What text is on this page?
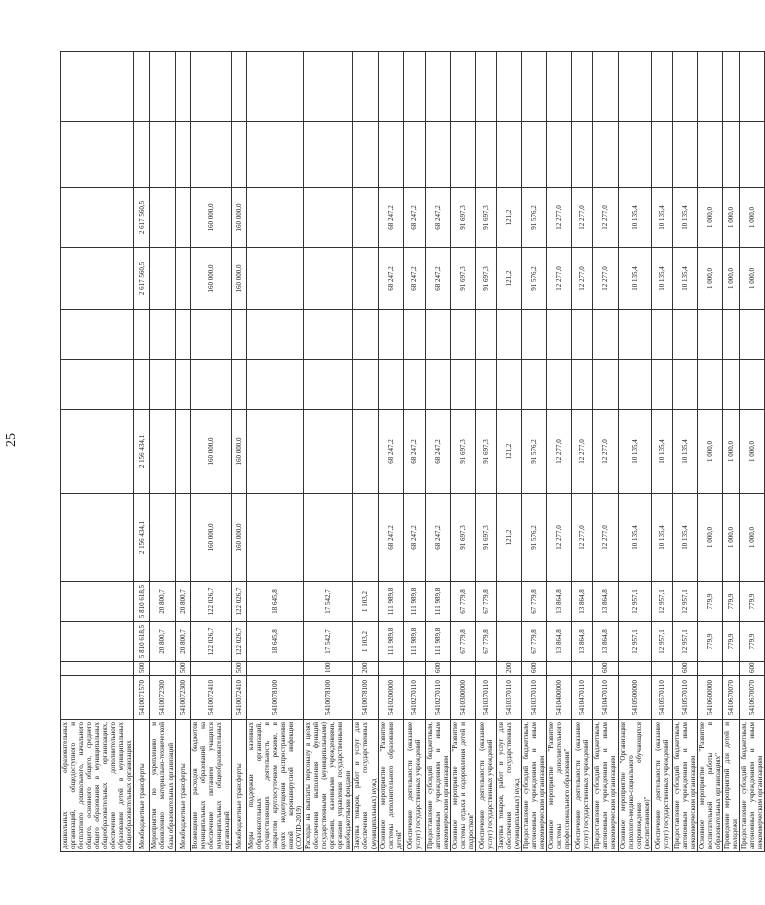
25
дошкольных образовательных организаций, общедоступного и бесплатного дошкольного, начального общего, основного общего, среднего общего образования в муниципальных общеобразовательных организациях, обеспечение дополнительного образования детей в муниципальных общеобразовательных организациях												
Межбюджетные трансферты	5410071570	500	5 810 618,5	5 810 618,5	2 156 434,1	2 156 434,1			2 617 560,5	2 617 560,5		
Мероприятия по укреплению и обновлению материально-технической базы образовательных организаций	5410072300		20 800,7	20 800,7								
Межбюджетные трансферты	5410072300	500	20 800,7	20 800,7								
Возмещение расходов бюджетов муниципальных образований на обеспечение питанием учащихся муниципальных общеобразовательных организаций	5410072410		122 026,7	122 026,7	160 000,0	160 000,0			160 000,0	160 000,0		
Межбюджетные трансферты	5410072410	500	122 026,7	122 026,7	160 000,0	160 000,0			160 000,0	160 000,0		
Меры поддержки казенных образовательных организаций, осуществляющих деятельность в закрытом круглосуточном режиме, в целях недопущения распространения новой коронавирусной инфекции (COVID-2019)	5410078100		18 645,8	18 645,8								
Расходы на выплаты персоналу в целях обеспечения выполнения функций государственными (муниципальными) органами, казенными учреждениями, органами управления государственными внебюджетными фондами	5410078100	100	17 542,7	17 542,7								
Закупка товаров, работ и услуг для обеспечения государственных (муниципальных) нужд	5410078100	200	1 103,2	1 103,2								
Основное мероприятие "Развитие системы дополнительного образования детей"	5410200000		111 989,8	111 989,8	68 247,2	68 247,2			68 247,2	68 247,2		
Обеспечение деятельности (оказание услуг) государственных учреждений	5410270110		111 989,8	111 989,8	68 247,2	68 247,2			68 247,2	68 247,2		
Предоставление субсидий бюджетным, автономным учреждениям и иным некоммерческим организациям	5410270110	600	111 989,8	111 989,8	68 247,2	68 247,2			68 247,2	68 247,2		
Основное мероприятие "Развитие системы отдыха и оздоровления детей и подростков"	5410300000		67 779,8	67 779,8	91 697,3	91 697,3			91 697,3	91 697,3		
Обеспечение деятельности (оказание услуг) государственных учреждений	5410370110		67 779,8	67 779,8	91 697,3	91 697,3			91 697,3	91 697,3		
Закупка товаров, работ и услуг для обеспечения государственных (муниципальных) нужд	5410370110	200			121,2	121,2			121,2	121,2		
Предоставление субсидий бюджетным, автономным учреждениям и иным некоммерческим организациям	5410370110	600	67 779,8	67 779,8	91 576,2	91 576,2			91 576,2	91 576,2		
Основное мероприятие "Развитие системы дополнительного профессионального образования"	5410400000		13 864,8	13 864,8	12 277,0	12 277,0			12 277,0	12 277,0		
Обеспечение деятельности (оказание услуг) государственных учреждений	5410470110		13 864,8	13 864,8	12 277,0	12 277,0			12 277,0	12 277,0		
Предоставление субсидий бюджетным, автономным учреждениям и иным некоммерческим организациям	5410470110	600	13 864,8	13 864,8	12 277,0	12 277,0			12 277,0	12 277,0		
Основное мероприятие "Организация психолого-медико-социального сопровождения обучающихся (воспитанников)"	5410500000		12 957,1	12 957,1	10 135,4	10 135,4			10 135,4	10 135,4		
Обеспечение деятельности (оказание услуг) государственных учреждений	5410570110		12 957,1	12 957,1	10 135,4	10 135,4			10 135,4	10 135,4		
Предоставление субсидий бюджетным, автономным учреждениям и иным некоммерческим организациям	5410570110	600	12 957,1	12 957,1	10 135,4	10 135,4			10 135,4	10 135,4		
Основное мероприятие "Развитие воспитательной работы в образовательных организациях"	5410600000		779,9	779,9	1 000,0	1 000,0			1 000,0	1 000,0		
Проведение мероприятий для детей и молодежи	5410670070		779,9	779,9	1 000,0	1 000,0			1 000,0	1 000,0		
Предоставление субсидий бюджетным, автономным учреждениям и иным некоммерческим организациям	5410670070	600	779,9	779,9	1 000,0	1 000,0			1 000,0	1 000,0		
